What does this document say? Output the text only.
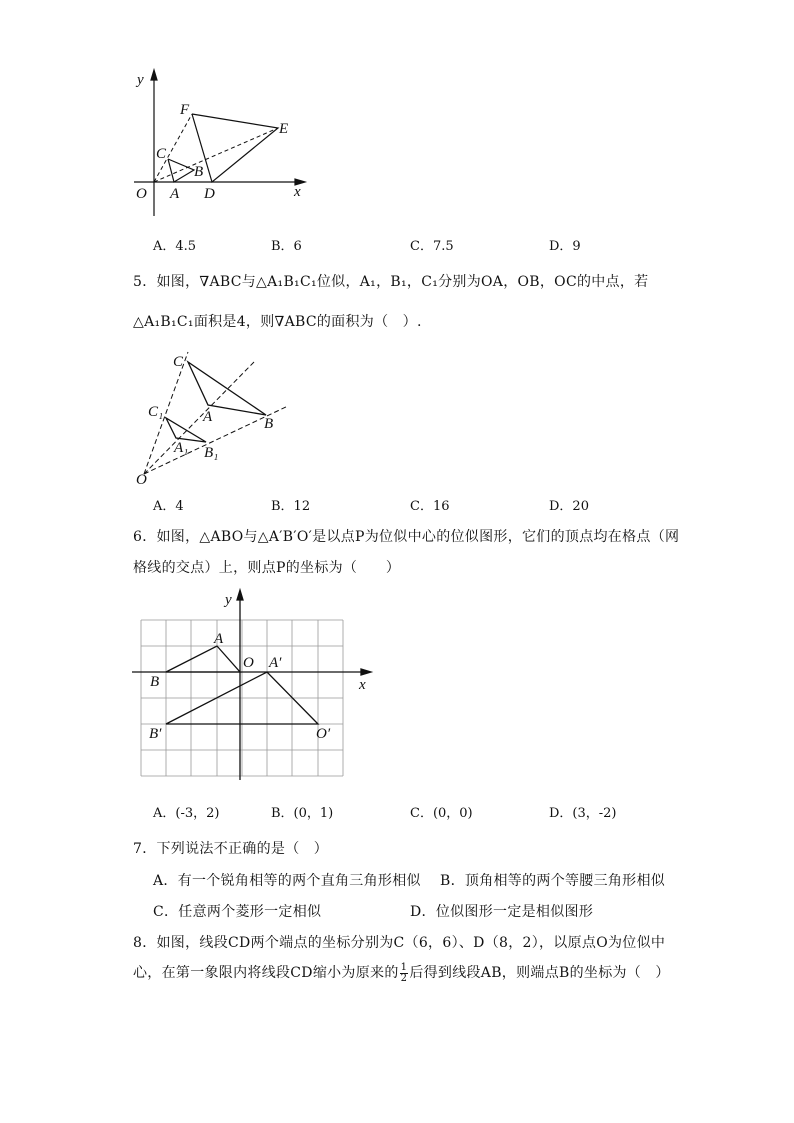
y
x
O A D
C
B
F
E
A．4.5	B．6	C．7.5	D．9
5．如图，∇ABC与△A₁B₁C₁位似，A₁，B₁，C₁分别为OA，OB，OC的中点，若
△A₁B₁C₁面积是4，则∇ABC的面积为（　）.
C
A	B
C₁
A₁ B₁
O
A．4	B．12	C．16	D．20
6．如图，△ABO与△A′B′O′是以点P为位似中心的位似图形，它们的顶点均在格点（网
格线的交点）上，则点P的坐标为（　　）
y
x
A
O A′
B
B′	O′
A．(-3，2)	B．(0，1)	C．(0，0)	D．(3，-2)
7．下列说法不正确的是（　）
A．有一个锐角相等的两个直角三角形相似 B．顶角相等的两个等腰三角形相似
C．任意两个菱形一定相似	D．位似图形一定是相似图形
8．如图，线段CD两个端点的坐标分别为C（6，6）、D（8，2），以原点O为位似中
心，在第一象限内将线段CD缩小为原来的 $\frac{1}{2}$ 后得到线段AB，则端点B的坐标为（　）
